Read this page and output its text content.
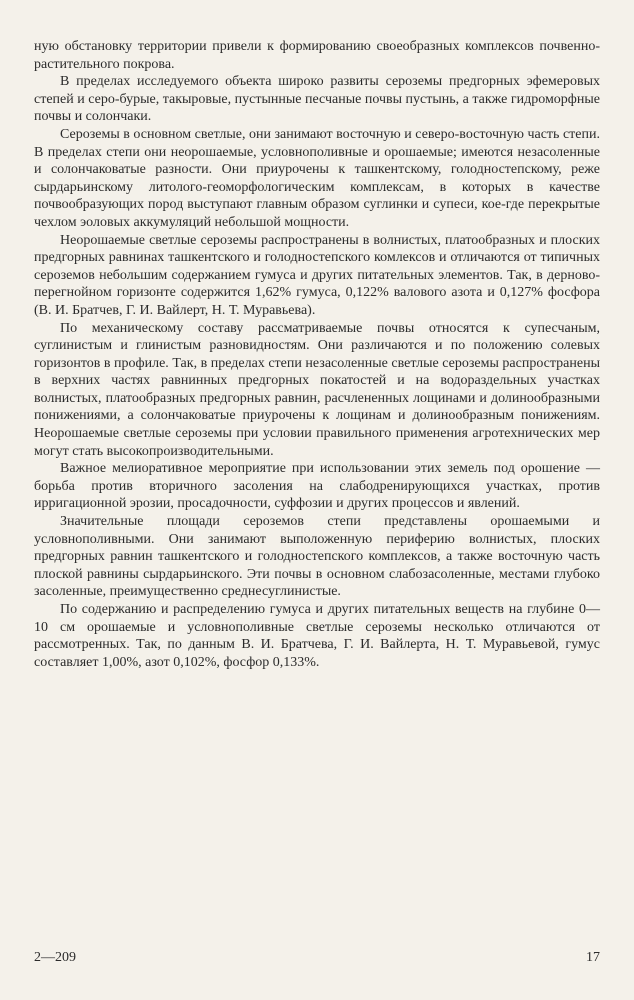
ную обстановку территории привели к формированию своеобразных комплексов почвенно-растительного покрова.

В пределах исследуемого объекта широко развиты сероземы предгорных эфемеровых степей и серо-бурые, такыровые, пустынные песчаные почвы пустынь, а также гидроморфные почвы и солончаки.

Сероземы в основном светлые, они занимают восточную и северо-восточную часть степи. В пределах степи они неорошаемые, условнополивные и орошаемые; имеются незасоленные и солончаковатые разности. Они приурочены к ташкентскому, голодностепскому, реже сырдарьинскому литолого-геоморфологическим комплексам, в которых в качестве почвообразующих пород выступают главным образом суглинки и супеси, кое-где перекрытые чехлом эоловых аккумуляций небольшой мощности.

Неорошаемые светлые сероземы распространены в волнистых, платообразных и плоских предгорных равнинах ташкентского и голодностепского комлексов и отличаются от типичных сероземов небольшим содержанием гумуса и других питательных элементов. Так, в дерново-перегнойном горизонте содержится 1,62% гумуса, 0,122% валового азота и 0,127% фосфора (В. И. Братчев, Г. И. Вайлерт, Н. Т. Муравьева).

По механическому составу рассматриваемые почвы относятся к супесчаным, суглинистым и глинистым разновидностям. Они различаются и по положению солевых горизонтов в профиле. Так, в пределах степи незасоленные светлые сероземы распространены в верхних частях равнинных предгорных покатостей и на водораздельных участках волнистых, платообразных предгорных равнин, расчлененных лощинами и долинообразными понижениями, а солончаковатые приурочены к лощинам и долинообразным понижениям. Неорошаемые светлые сероземы при условии правильного применения агротехнических мер могут стать высокопроизводительными.

Важное мелиоративное мероприятие при использовании этих земель под орошение — борьба против вторичного засоления на слабодренирующихся участках, против ирригационной эрозии, просадочности, суффозии и других процессов и явлений.

Значительные площади сероземов степи представлены орошаемыми и условнополивными. Они занимают выположенную периферию волнистых, плоских предгорных равнин ташкентского и голодностепского комплексов, а также восточную часть плоской равнины сырдарьинского. Эти почвы в основном слабозасоленные, местами глубоко засоленные, преимущественно среднесуглинистые.

По содержанию и распределению гумуса и других питательных веществ на глубине 0—10 см орошаемые и условнополивные светлые сероземы несколько отличаются от рассмотренных. Так, по данным В. И. Братчева, Г. И. Вайлерта, Н. Т. Муравьевой, гумус составляет 1,00%, азот 0,102%, фосфор 0,133%.

2—209	17
